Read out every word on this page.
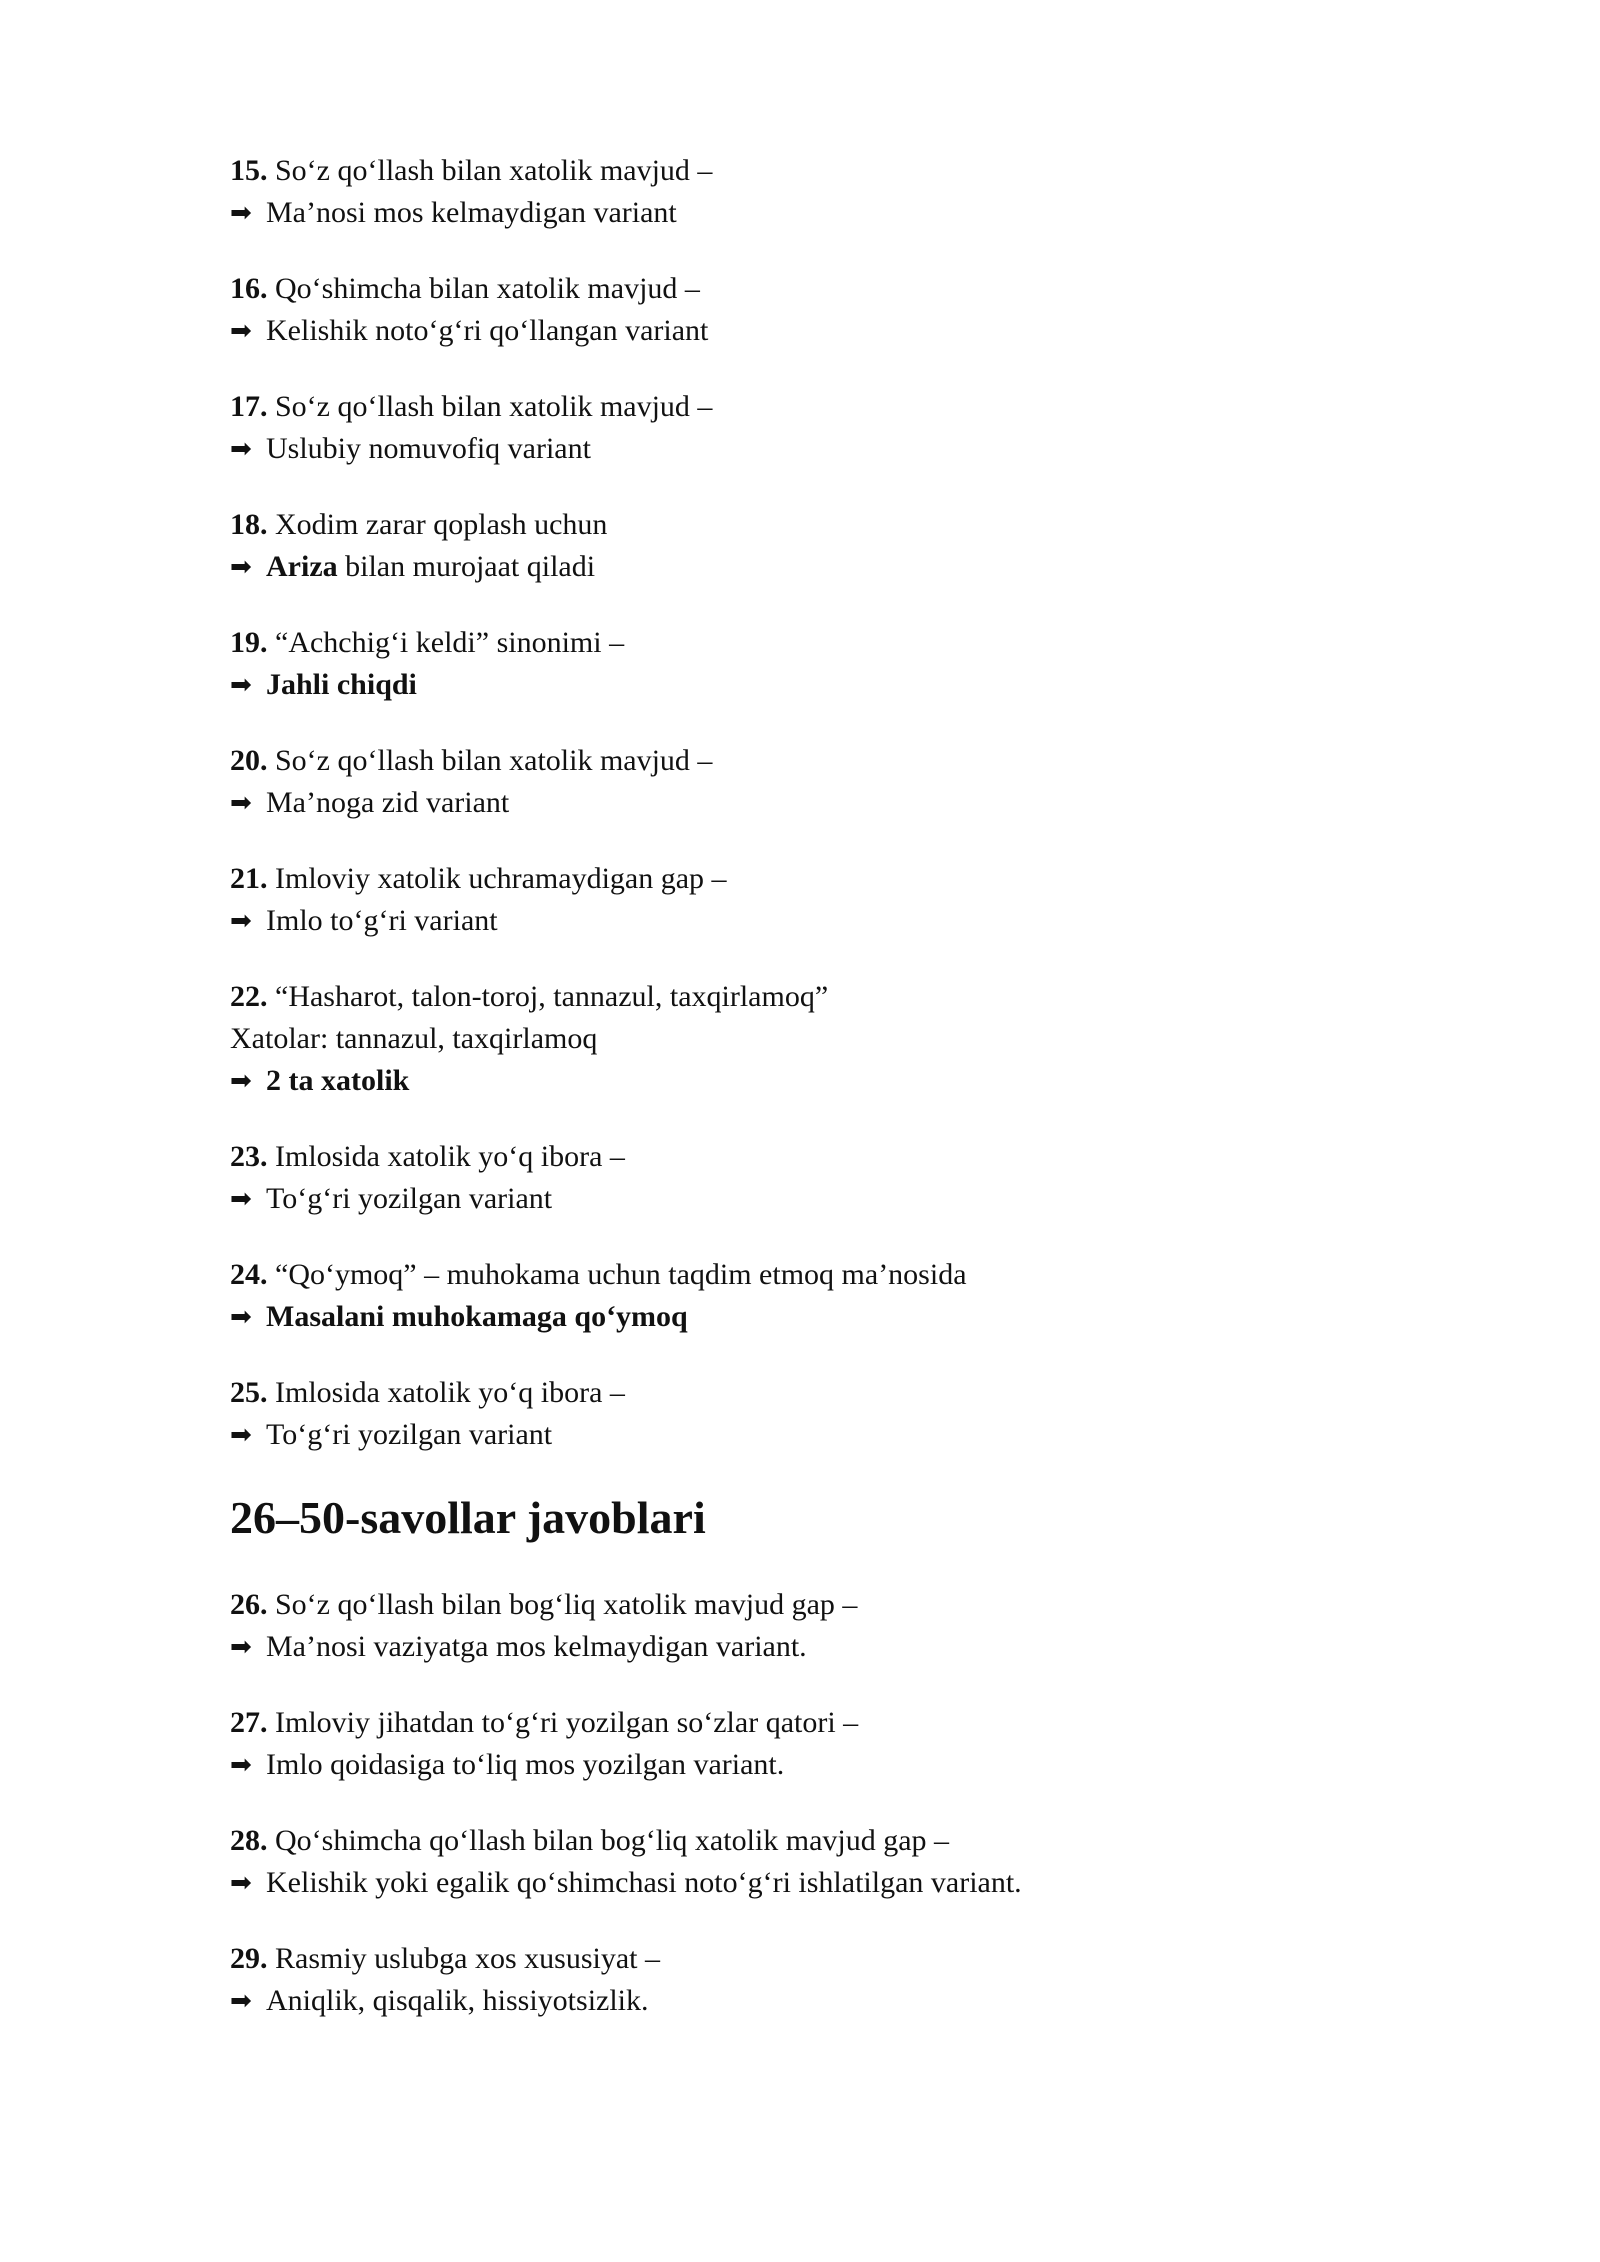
15. So‘z qo‘llash bilan xatolik mavjud –

➡ Ma’nosi mos kelmaydigan variant

16. Qo‘shimcha bilan xatolik mavjud –

➡ Kelishik noto‘g‘ri qo‘llangan variant

17. So‘z qo‘llash bilan xatolik mavjud –

➡ Uslubiy nomuvofiq variant

18. Xodim zarar qoplash uchun

➡ Ariza bilan murojaat qiladi

19. “Achchig‘i keldi” sinonimi –

➡ Jahli chiqdi

20. So‘z qo‘llash bilan xatolik mavjud –

➡ Ma’noga zid variant

21. Imloviy xatolik uchramaydigan gap –

➡ Imlo to‘g‘ri variant

22. “Hasharot, talon-toroj, tannazul, taxqirlamoq”

Xatolar: tannazul, taxqirlamoq

➡ 2 ta xatolik

23. Imlosida xatolik yo‘q ibora –

➡ To‘g‘ri yozilgan variant

24. “Qo‘ymoq” – muhokama uchun taqdim etmoq ma’nosida

➡ Masalani muhokamaga qo‘ymoq

25. Imlosida xatolik yo‘q ibora –

➡ To‘g‘ri yozilgan variant

26–50-savollar javoblari

26. So‘z qo‘llash bilan bog‘liq xatolik mavjud gap –

➡ Ma’nosi vaziyatga mos kelmaydigan variant.

27. Imloviy jihatdan to‘g‘ri yozilgan so‘zlar qatori –

➡ Imlo qoidasiga to‘liq mos yozilgan variant.

28. Qo‘shimcha qo‘llash bilan bog‘liq xatolik mavjud gap –

➡ Kelishik yoki egalik qo‘shimchasi noto‘g‘ri ishlatilgan variant.

29. Rasmiy uslubga xos xususiyat –

➡ Aniqlik, qisqalik, hissiyotsizlik.
